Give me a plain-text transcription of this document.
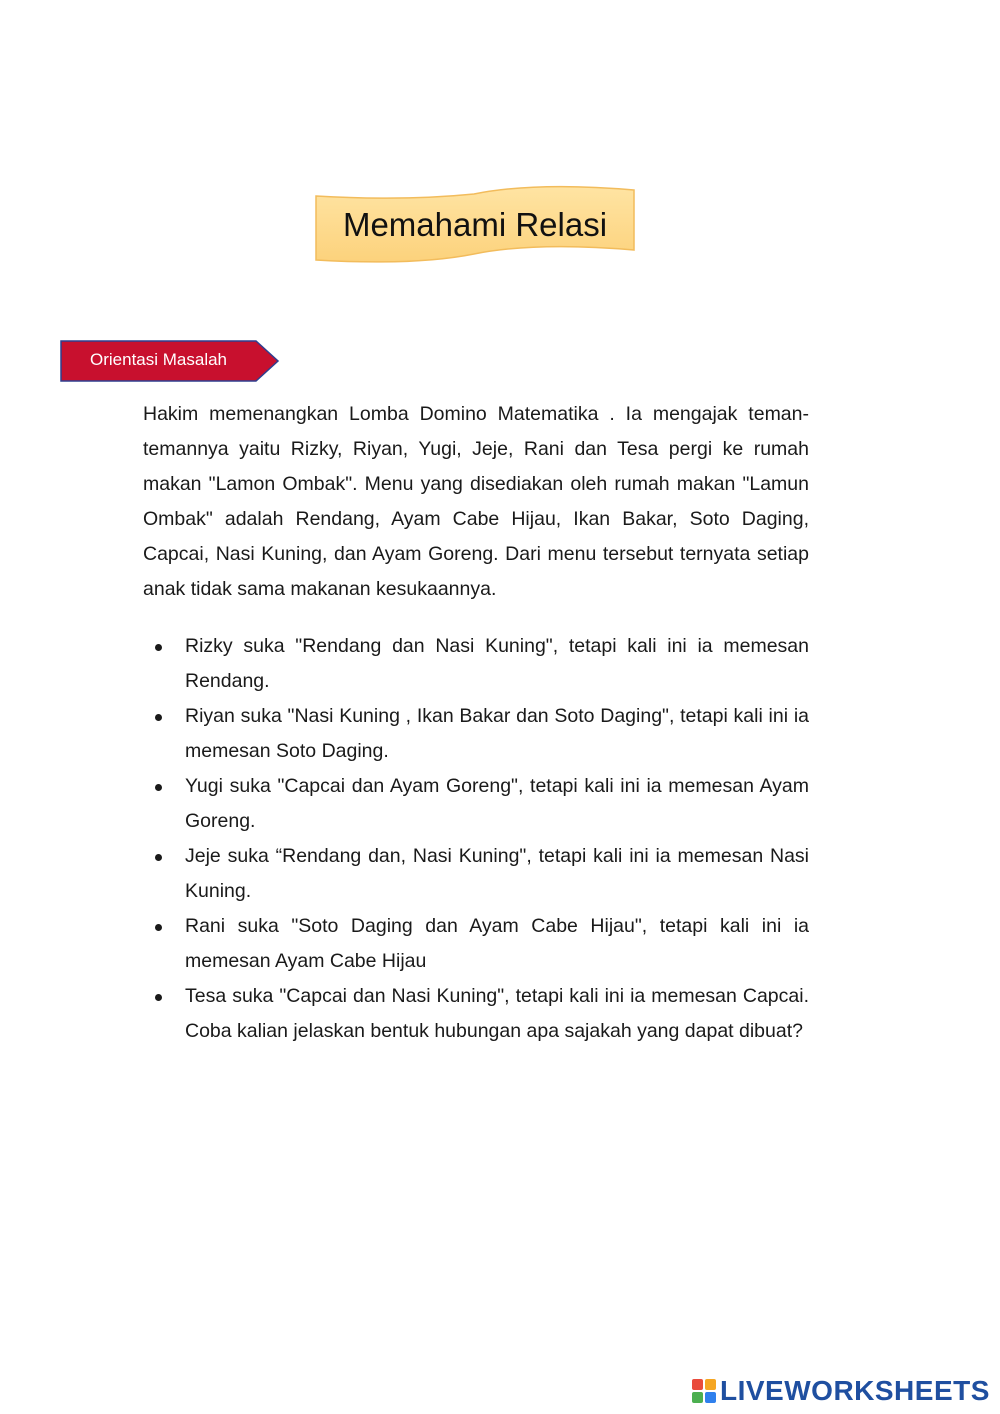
Memahami Relasi
Orientasi Masalah

Hakim memenangkan Lomba Domino Matematika . Ia mengajak teman-temannya yaitu Rizky, Riyan, Yugi, Jeje, Rani dan Tesa pergi ke rumah makan "Lamon Ombak". Menu yang disediakan oleh rumah makan "Lamun Ombak" adalah Rendang, Ayam Cabe Hijau, Ikan Bakar, Soto Daging, Capcai, Nasi Kuning, dan Ayam Goreng. Dari menu tersebut ternyata setiap anak tidak sama makanan kesukaannya.

Rizky suka "Rendang dan Nasi Kuning", tetapi kali ini ia memesan Rendang.
Riyan suka "Nasi Kuning , Ikan Bakar dan Soto Daging", tetapi kali ini ia memesan Soto Daging.
Yugi suka "Capcai dan Ayam Goreng", tetapi kali ini ia memesan Ayam Goreng.
Jeje suka “Rendang dan, Nasi Kuning", tetapi kali ini ia memesan Nasi Kuning.
Rani suka "Soto Daging dan Ayam Cabe Hijau", tetapi kali ini ia memesan Ayam Cabe Hijau
Tesa suka "Capcai dan Nasi Kuning", tetapi kali ini ia memesan Capcai. Coba kalian jelaskan bentuk hubungan apa sajakah yang dapat dibuat?
LIVEWORKSHEETS
